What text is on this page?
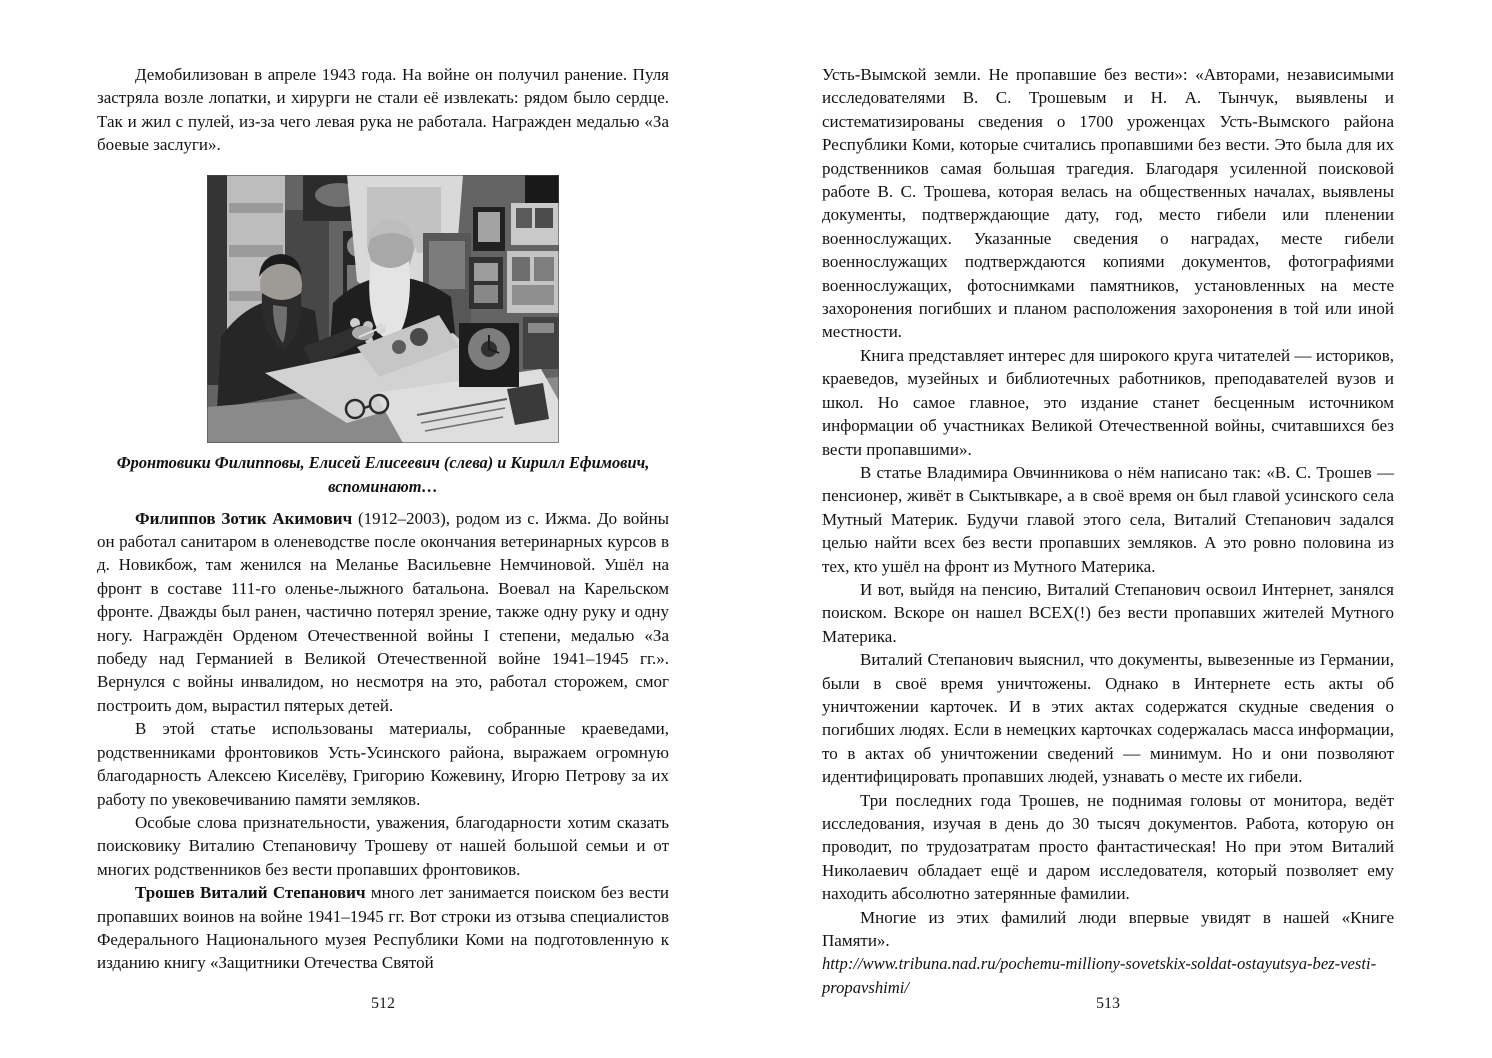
Демобилизован в апреле 1943 года. На войне он получил ранение. Пуля застряла возле лопатки, и хирурги не стали её извлекать: рядом было сердце. Так и жил с пулей, из-за чего левая рука не работала. Награжден медалью «За боевые заслуги».

Фронтовики Филипповы, Елисей Елисеевич (слева) и Кирилл Ефимович, вспоминают…

Филиппов Зотик Акимович (1912–2003), родом из с. Ижма. До войны он работал санитаром в оленеводстве после окончания ветеринарных курсов в д. Новикбож, там женился на Меланье Васильевне Немчиновой. Ушёл на фронт в составе 111-го оленье-лыжного батальона. Воевал на Карельском фронте. Дважды был ранен, частично потерял зрение, также одну руку и одну ногу. Награждён Орденом Отечественной войны I степени, медалью «За победу над Германией в Великой Отечественной войне 1941–1945 гг.». Вернулся с войны инвалидом, но несмотря на это, работал сторожем, смог построить дом, вырастил пятерых детей.

В этой статье использованы материалы, собранные краеведами, родственниками фронтовиков Усть-Усинского района, выражаем огромную благодарность Алексею Киселёву, Григорию Кожевину, Игорю Петрову за их работу по увековечиванию памяти земляков.

Особые слова признательности, уважения, благодарности хотим сказать поисковику Виталию Степановичу Трошеву от нашей большой семьи и от многих родственников без вести пропавших фронтовиков.

Трошев Виталий Степанович много лет занимается поиском без вести пропавших воинов на войне 1941–1945 гг. Вот строки из отзыва специалистов Федерального Национального музея Республики Коми на подготовленную к изданию книгу «Защитники Отечества Святой

Усть-Вымской земли. Не пропавшие без вести»: «Авторами, независимыми исследователями В. С. Трошевым и Н. А. Тынчук, выявлены и систематизированы сведения о 1700 уроженцах Усть-Вымского района Республики Коми, которые считались пропавшими без вести. Это была для их родственников самая большая трагедия. Благодаря усиленной поисковой работе В. С. Трошева, которая велась на общественных началах, выявлены документы, подтверждающие дату, год, место гибели или пленении военнослужащих. Указанные сведения о наградах, месте гибели военнослужащих подтверждаются копиями документов, фотографиями военнослужащих, фотоснимками памятников, установленных на месте захоронения погибших и планом расположения захоронения в той или иной местности.

Книга представляет интерес для широкого круга читателей — историков, краеведов, музейных и библиотечных работников, преподавателей вузов и школ. Но самое главное, это издание станет бесценным источником информации об участниках Великой Отечественной войны, считавшихся без вести пропавшими».

В статье Владимира Овчинникова о нём написано так: «В. С. Трошев — пенсионер, живёт в Сыктывкаре, а в своё время он был главой усинского села Мутный Материк. Будучи главой этого села, Виталий Степанович задался целью найти всех без вести пропавших земляков. А это ровно половина из тех, кто ушёл на фронт из Мутного Материка.

И вот, выйдя на пенсию, Виталий Степанович освоил Интернет, занялся поиском. Вскоре он нашел ВСЕХ(!) без вести пропавших жителей Мутного Материка.

Виталий Степанович выяснил, что документы, вывезенные из Германии, были в своё время уничтожены. Однако в Интернете есть акты об уничтожении карточек. И в этих актах содержатся скудные сведения о погибших людях. Если в немецких карточках содержалась масса информации, то в актах об уничтожении сведений — минимум. Но и они позволяют идентифицировать пропавших людей, узнавать о месте их гибели.

Три последних года Трошев, не поднимая головы от монитора, ведёт исследования, изучая в день до 30 тысяч документов. Работа, которую он проводит, по трудозатратам просто фантастическая! Но при этом Виталий Николаевич обладает ещё и даром исследователя, который позволяет ему находить абсолютно затерянные фамилии.

Многие из этих фамилий люди впервые увидят в нашей «Книге Памяти».

http://www.tribuna.nad.ru/pochemu-milliony-sovetskix-soldat-ostayutsya-bez-vesti-propavshimi/

512	513
